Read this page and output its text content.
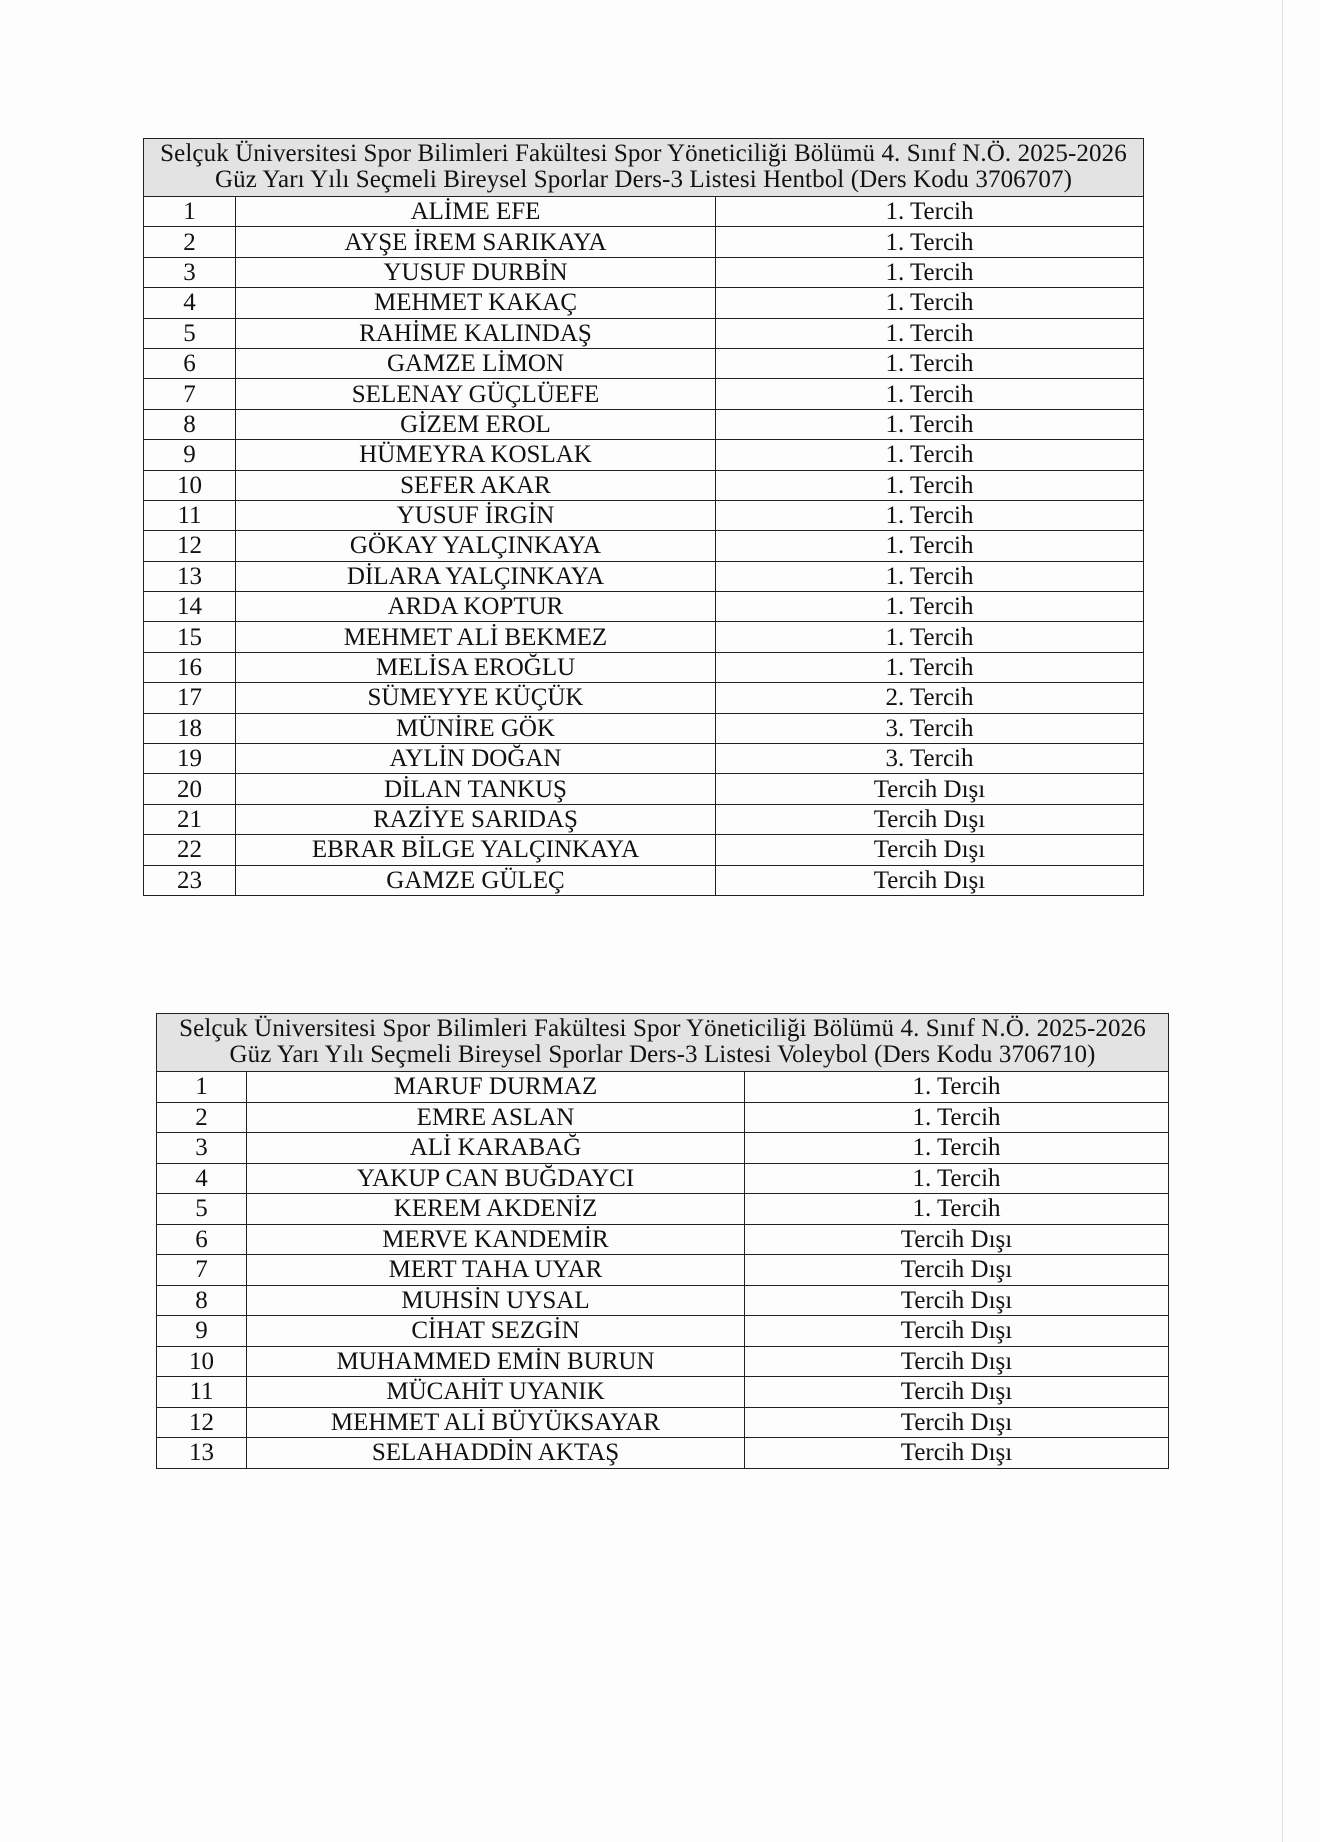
Selçuk Üniversitesi Spor Bilimleri Fakültesi Spor Yöneticiliği Bölümü 4. Sınıf N.Ö. 2025-2026 Güz Yarı Yılı Seçmeli Bireysel Sporlar Ders-3 Listesi Hentbol (Ders Kodu 3706707)		
1	ALİME EFE	1. Tercih
2	AYŞE İREM SARIKAYA	1. Tercih
3	YUSUF DURBİN	1. Tercih
4	MEHMET KAKAÇ	1. Tercih
5	RAHİME KALINDAŞ	1. Tercih
6	GAMZE LİMON	1. Tercih
7	SELENAY GÜÇLÜEFE	1. Tercih
8	GİZEM EROL	1. Tercih
9	HÜMEYRA KOSLAK	1. Tercih
10	SEFER AKAR	1. Tercih
11	YUSUF İRGİN	1. Tercih
12	GÖKAY YALÇINKAYA	1. Tercih
13	DİLARA YALÇINKAYA	1. Tercih
14	ARDA KOPTUR	1. Tercih
15	MEHMET ALİ BEKMEZ	1. Tercih
16	MELİSA EROĞLU	1. Tercih
17	SÜMEYYE KÜÇÜK	2. Tercih
18	MÜNİRE GÖK	3. Tercih
19	AYLİN DOĞAN	3. Tercih
20	DİLAN TANKUŞ	Tercih Dışı
21	RAZİYE SARIDAŞ	Tercih Dışı
22	EBRAR BİLGE YALÇINKAYA	Tercih Dışı
23	GAMZE GÜLEÇ	Tercih Dışı
Selçuk Üniversitesi Spor Bilimleri Fakültesi Spor Yöneticiliği Bölümü 4. Sınıf N.Ö. 2025-2026 Güz Yarı Yılı Seçmeli Bireysel Sporlar Ders-3 Listesi Voleybol (Ders Kodu 3706710)		
1	MARUF DURMAZ	1. Tercih
2	EMRE ASLAN	1. Tercih
3	ALİ KARABAĞ	1. Tercih
4	YAKUP CAN BUĞDAYCI	1. Tercih
5	KEREM AKDENİZ	1. Tercih
6	MERVE KANDEMİR	Tercih Dışı
7	MERT TAHA UYAR	Tercih Dışı
8	MUHSİN UYSAL	Tercih Dışı
9	CİHAT SEZGİN	Tercih Dışı
10	MUHAMMED EMİN BURUN	Tercih Dışı
11	MÜCAHİT UYANIK	Tercih Dışı
12	MEHMET ALİ BÜYÜKSAYAR	Tercih Dışı
13	SELAHADDİN AKTAŞ	Tercih Dışı
